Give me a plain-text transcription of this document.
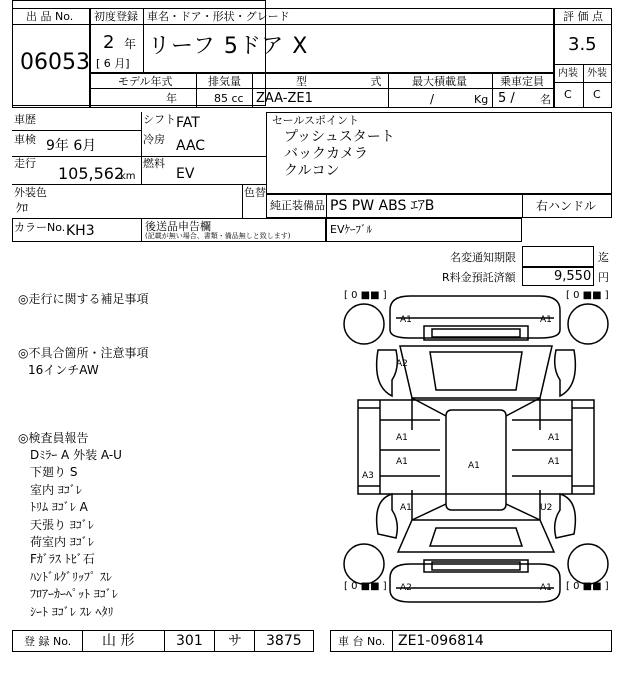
出 品 No.
06053
初度登録 車名・ドア・形状・グレード
2 年
[ 6 月]
リーフ 5ドア X
評 価 点
3.5
内装 外装
C C
モデル年式
年
排気量
85 cc
型 式
ZAA-ZE1
最大積載量
/	Kg
乗車定員
5 / 名
車歴	シフト FAT
車検 9年 6月	冷房 AAC
走行
105,562
km
燃料
EV
外装色
ｸﾛ
色替
カラーNo. KH3	後送品申告欄
(記載が無い場合、書類・備品無しと致します)
セールスポイント
プッシュスタート
バックカメラ
クルコン
純正装備品 PS PW ABS ｴｱB	右ハンドル
EVｹｰﾌﾞﾙ
名変通知期限	迄
R料金預託済額	9,550 円
◎走行に関する補足事項
◎不具合箇所・注意事項
16インチAW
◎検査員報告
Dﾐﾗｰ A 外装 A-U
下廻り S
室内 ﾖｺﾞﾚ
ﾄﾘﾑ ﾖｺﾞﾚ A
天張り ﾖｺﾞﾚ
荷室内 ﾖｺﾞﾚ
Fｶﾞﾗｽ ﾄﾋﾞ石
ﾊﾝﾄﾞﾙｸﾞﾘｯﾌﾟ ｽﾚ
ﾌﾛｱｰｶｰﾍﾟｯﾄ ﾖｺﾞﾚ
ｼｰﾄ ﾖｺﾞﾚ ｽﾚ ﾍﾀﾘ
A1	A1
A2
A1	A1
A1	A1	A1
A3
A1	U2
A2	A1
[ 0 ■■ ]	[ 0 ■■ ]
[ 0 ■■ ]	[ 0 ■■ ]
登 録 No. 山 形	301 サ 3875	車 台 No. ZE1-096814
